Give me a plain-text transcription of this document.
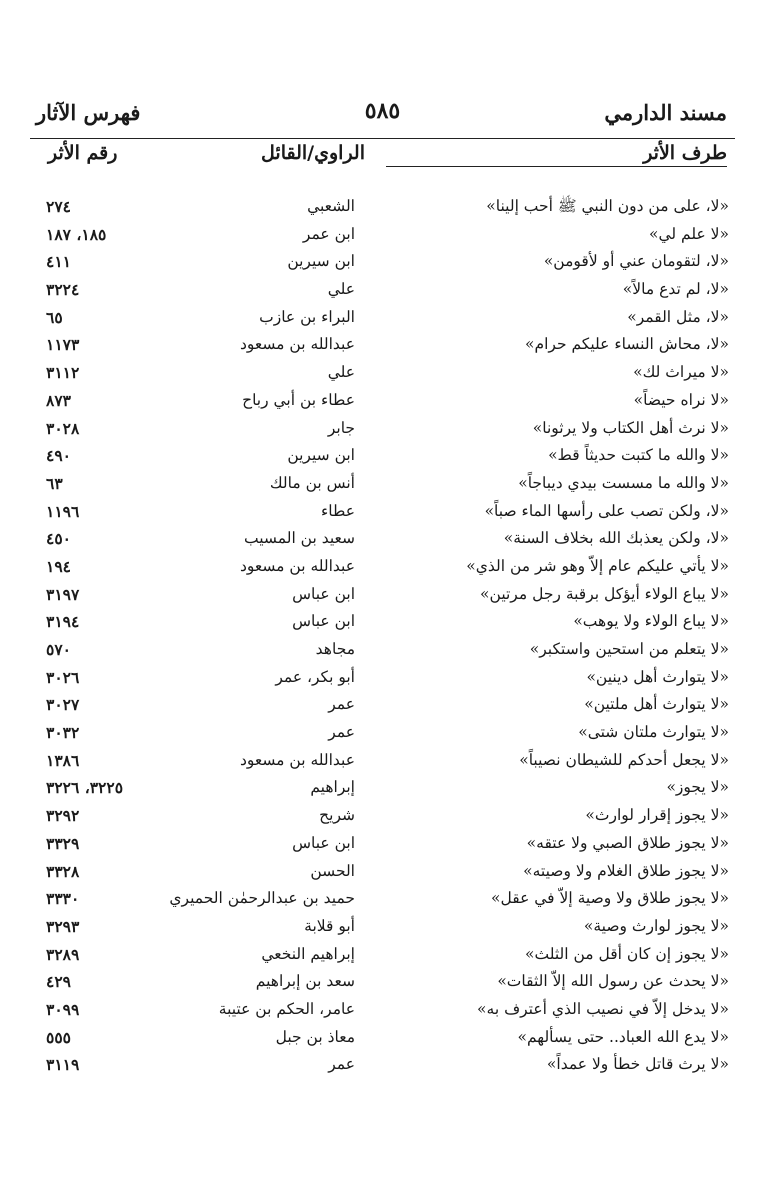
مسند الدارمي
٥٨٥
فهرس الآثار
طرف الأثر
الراوي/القائل
رقم الأثر
«لا، على من دون النبي ﷺ أحب إلينا»
الشعبي
٢٧٤
«لا علم لي»
ابن عمر
١٨٥، ١٨٧
«لا، لتقومان عني أو لأقومن»
ابن سيرين
٤١١
«لا، لم تدع مالاً»
علي
٣٢٢٤
«لا، مثل القمر»
البراء بن عازب
٦٥
«لا، محاش النساء عليكم حرام»
عبدالله بن مسعود
١١٧٣
«لا ميراث لك»
علي
٣١١٢
«لا نراه حيضاً»
عطاء بن أبي رباح
٨٧٣
«لا نرث أهل الكتاب ولا يرثونا»
جابر
٣٠٢٨
«لا والله ما كتبت حديثاً قط»
ابن سيرين
٤٩٠
«لا والله ما مسست بيدي ديباجاً»
أنس بن مالك
٦٣
«لا، ولكن تصب على رأسها الماء صباً»
عطاء
١١٩٦
«لا، ولكن يعذبك الله بخلاف السنة»
سعيد بن المسيب
٤٥٠
«لا يأتي عليكم عام إلاّ وهو شر من الذي»
عبدالله بن مسعود
١٩٤
«لا يباع الولاء أيؤكل برقبة رجل مرتين»
ابن عباس
٣١٩٧
«لا يباع الولاء ولا يوهب»
ابن عباس
٣١٩٤
«لا يتعلم من استحين واستكبر»
مجاهد
٥٧٠
«لا يتوارث أهل دينين»
أبو بكر، عمر
٣٠٢٦
«لا يتوارث أهل ملتين»
عمر
٣٠٢٧
«لا يتوارث ملتان شتى»
عمر
٣٠٣٢
«لا يجعل أحدكم للشيطان نصيباً»
عبدالله بن مسعود
١٣٨٦
«لا يجوز»
إبراهيم
٣٢٢٥، ٣٢٢٦
«لا يجوز إقرار لوارث»
شريح
٣٢٩٢
«لا يجوز طلاق الصبي ولا عتقه»
ابن عباس
٣٣٢٩
«لا يجوز طلاق الغلام ولا وصيته»
الحسن
٣٣٢٨
«لا يجوز طلاق ولا وصية إلاّ في عقل»
حميد بن عبدالرحمٰن الحميري
٣٣٣٠
«لا يجوز لوارث وصية»
أبو قلابة
٣٢٩٣
«لا يجوز إن كان أقل من الثلث»
إبراهيم النخعي
٣٢٨٩
«لا يحدث عن رسول الله إلاّ الثقات»
سعد بن إبراهيم
٤٢٩
«لا يدخل إلاّ في نصيب الذي أعترف به»
عامر، الحكم بن عتيبة
٣٠٩٩
«لا يدع الله العباد.. حتى يسألهم»
معاذ بن جبل
٥٥٥
«لا يرث قاتل خطأ ولا عمداً»
عمر
٣١١٩
